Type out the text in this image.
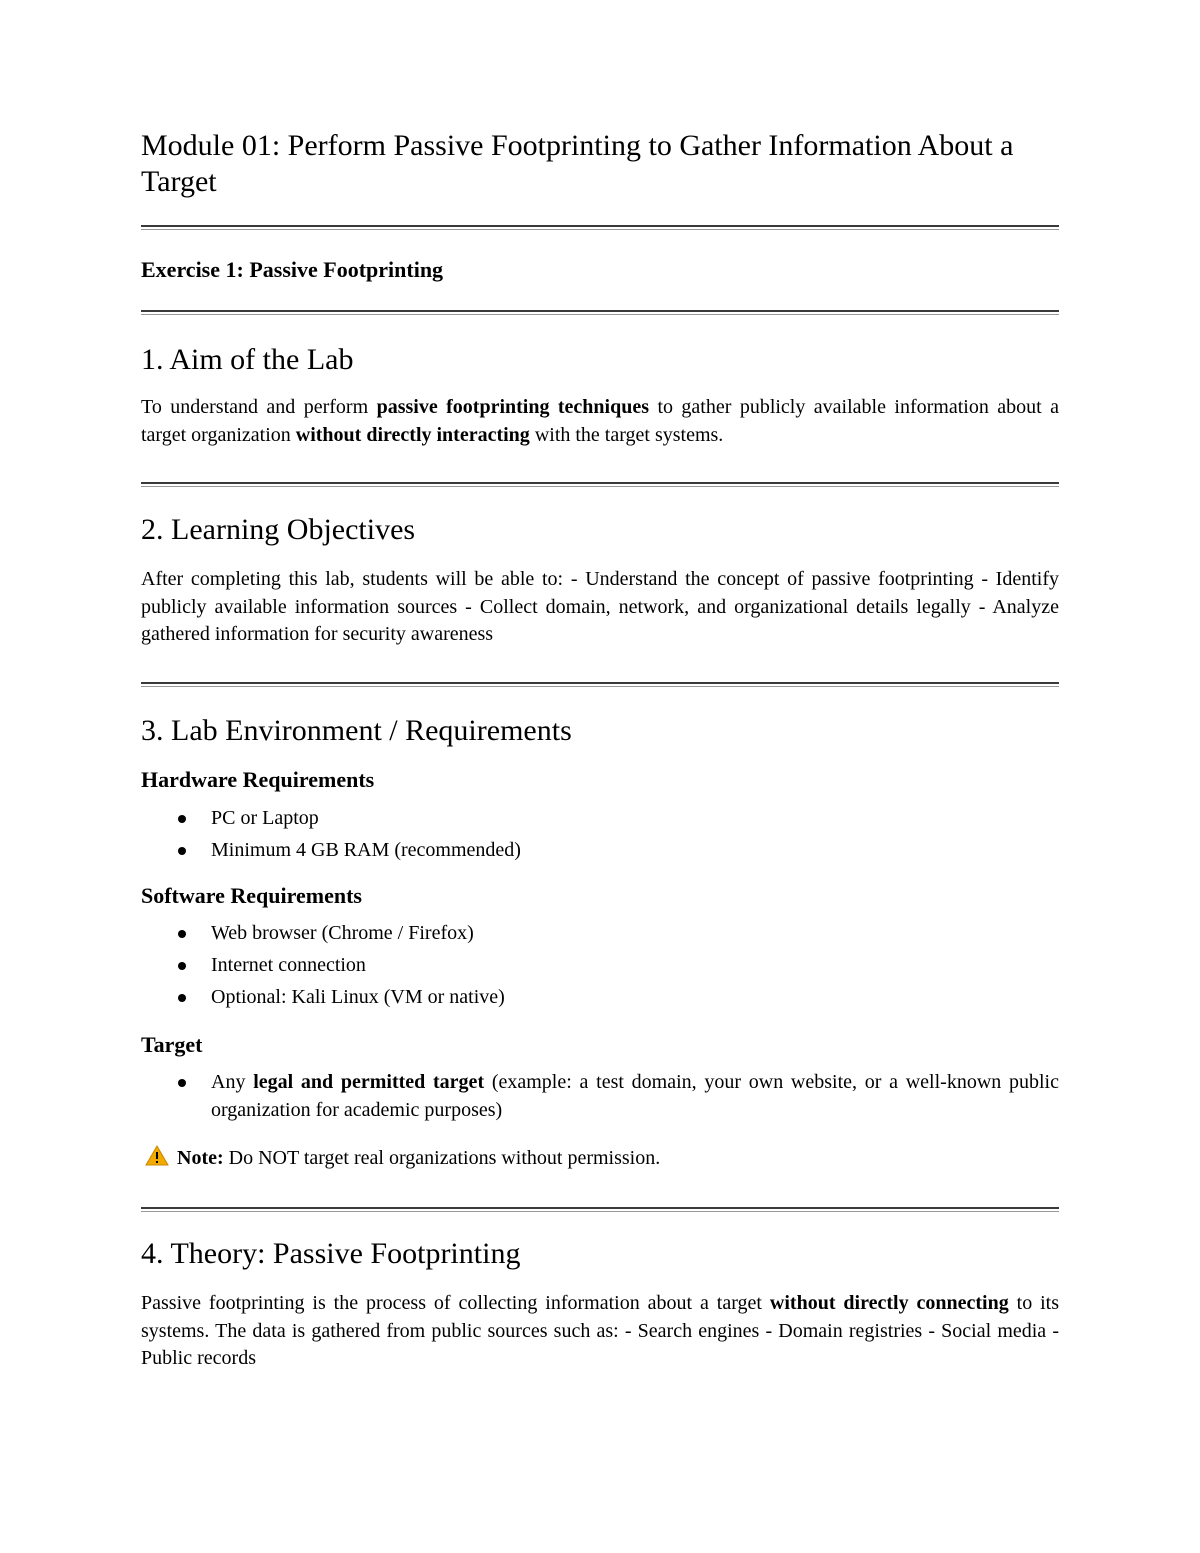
Module 01: Perform Passive Footprinting to Gather Information About a Target
Exercise 1: Passive Footprinting
1. Aim of the Lab

To understand and perform passive footprinting techniques to gather publicly available information about a target organization without directly interacting with the target systems.

2. Learning Objectives

After completing this lab, students will be able to: - Understand the concept of passive footprinting - Identify publicly available information sources - Collect domain, network, and organizational details legally - Analyze gathered information for security awareness

3. Lab Environment / Requirements
Hardware Requirements
PC or Laptop
Minimum 4 GB RAM (recommended)
Software Requirements
Web browser (Chrome / Firefox)
Internet connection
Optional: Kali Linux (VM or native)
Target
Any legal and permitted target (example: a test domain, your own website, or a well-known public organization for academic purposes)

Note: Do NOT target real organizations without permission.

4. Theory: Passive Footprinting

Passive footprinting is the process of collecting information about a target without directly connecting to its systems. The data is gathered from public sources such as: - Search engines - Domain registries - Social media - Public records
